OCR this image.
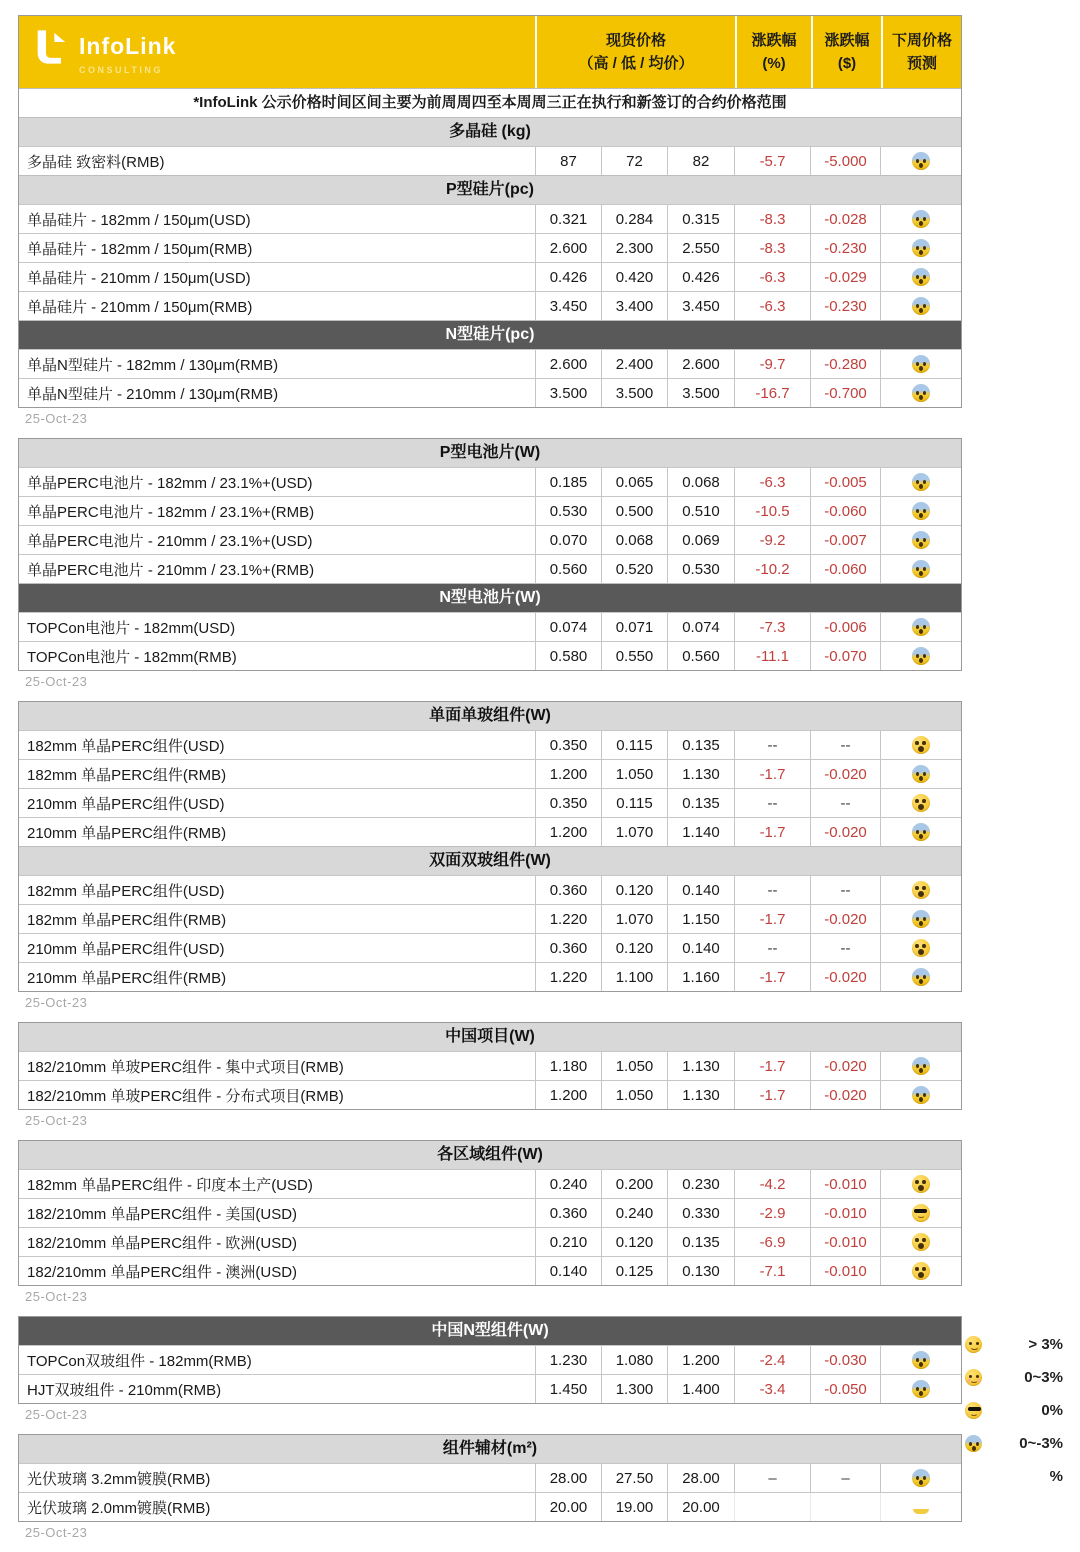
InfoLink
CONSULTING
现货价格
（高 / 低 / 均价）
涨跌幅
(%)
涨跌幅
($)
下周价格
预测
*InfoLink 公示价格时间区间主要为前周周四至本周周三正在执行和新签订的合约价格范围
多晶硅 (kg)
多晶硅 致密料(RMB)	87	72	82	-5.7	-5.000
P型硅片(pc)
单晶硅片 - 182mm / 150μm(USD)	0.321	0.284	0.315	-8.3	-0.028
单晶硅片 - 182mm / 150μm(RMB)	2.600	2.300	2.550	-8.3	-0.230
单晶硅片 - 210mm / 150μm(USD)	0.426	0.420	0.426	-6.3	-0.029
单晶硅片 - 210mm / 150μm(RMB)	3.450	3.400	3.450	-6.3	-0.230
N型硅片(pc)
单晶N型硅片 - 182mm / 130μm(RMB)	2.600	2.400	2.600	-9.7	-0.280
单晶N型硅片 - 210mm / 130μm(RMB)	3.500	3.500	3.500	-16.7	-0.700
25-Oct-23
P型电池片(W)
单晶PERC电池片 - 182mm / 23.1%+(USD)	0.185	0.065	0.068	-6.3	-0.005
单晶PERC电池片 - 182mm / 23.1%+(RMB)	0.530	0.500	0.510	-10.5	-0.060
单晶PERC电池片 - 210mm / 23.1%+(USD)	0.070	0.068	0.069	-9.2	-0.007
单晶PERC电池片 - 210mm / 23.1%+(RMB)	0.560	0.520	0.530	-10.2	-0.060
N型电池片(W)
TOPCon电池片 - 182mm(USD)	0.074	0.071	0.074	-7.3	-0.006
TOPCon电池片 - 182mm(RMB)	0.580	0.550	0.560	-11.1	-0.070
25-Oct-23
单面单玻组件(W)
182mm 单晶PERC组件(USD)	0.350	0.115	0.135	--	--
182mm 单晶PERC组件(RMB)	1.200	1.050	1.130	-1.7	-0.020
210mm 单晶PERC组件(USD)	0.350	0.115	0.135	--	--
210mm 单晶PERC组件(RMB)	1.200	1.070	1.140	-1.7	-0.020
双面双玻组件(W)
182mm 单晶PERC组件(USD)	0.360	0.120	0.140	--	--
182mm 单晶PERC组件(RMB)	1.220	1.070	1.150	-1.7	-0.020
210mm 单晶PERC组件(USD)	0.360	0.120	0.140	--	--
210mm 单晶PERC组件(RMB)	1.220	1.100	1.160	-1.7	-0.020
25-Oct-23
中国项目(W)
182/210mm 单玻PERC组件 - 集中式项目(RMB)	1.180	1.050	1.130	-1.7	-0.020
182/210mm 单玻PERC组件 - 分布式项目(RMB)	1.200	1.050	1.130	-1.7	-0.020
25-Oct-23
各区域组件(W)
182mm 单晶PERC组件 - 印度本土产(USD)	0.240	0.200	0.230	-4.2	-0.010
182/210mm 单晶PERC组件 - 美国(USD)	0.360	0.240	0.330	-2.9	-0.010
182/210mm 单晶PERC组件 - 欧洲(USD)	0.210	0.120	0.135	-6.9	-0.010
182/210mm 单晶PERC组件 - 澳洲(USD)	0.140	0.125	0.130	-7.1	-0.010
25-Oct-23
中国N型组件(W)
TOPCon双玻组件 - 182mm(RMB)	1.230	1.080	1.200	-2.4	-0.030
HJT双玻组件 - 210mm(RMB)	1.450	1.300	1.400	-3.4	-0.050
25-Oct-23
组件辅材(m²)
光伏玻璃 3.2mm镀膜(RMB)	28.00	27.50	28.00	–	–
光伏玻璃 2.0mm镀膜(RMB)	20.00	19.00	20.00
25-Oct-23
> 3%
0~3%
0%
0~-3%
%
